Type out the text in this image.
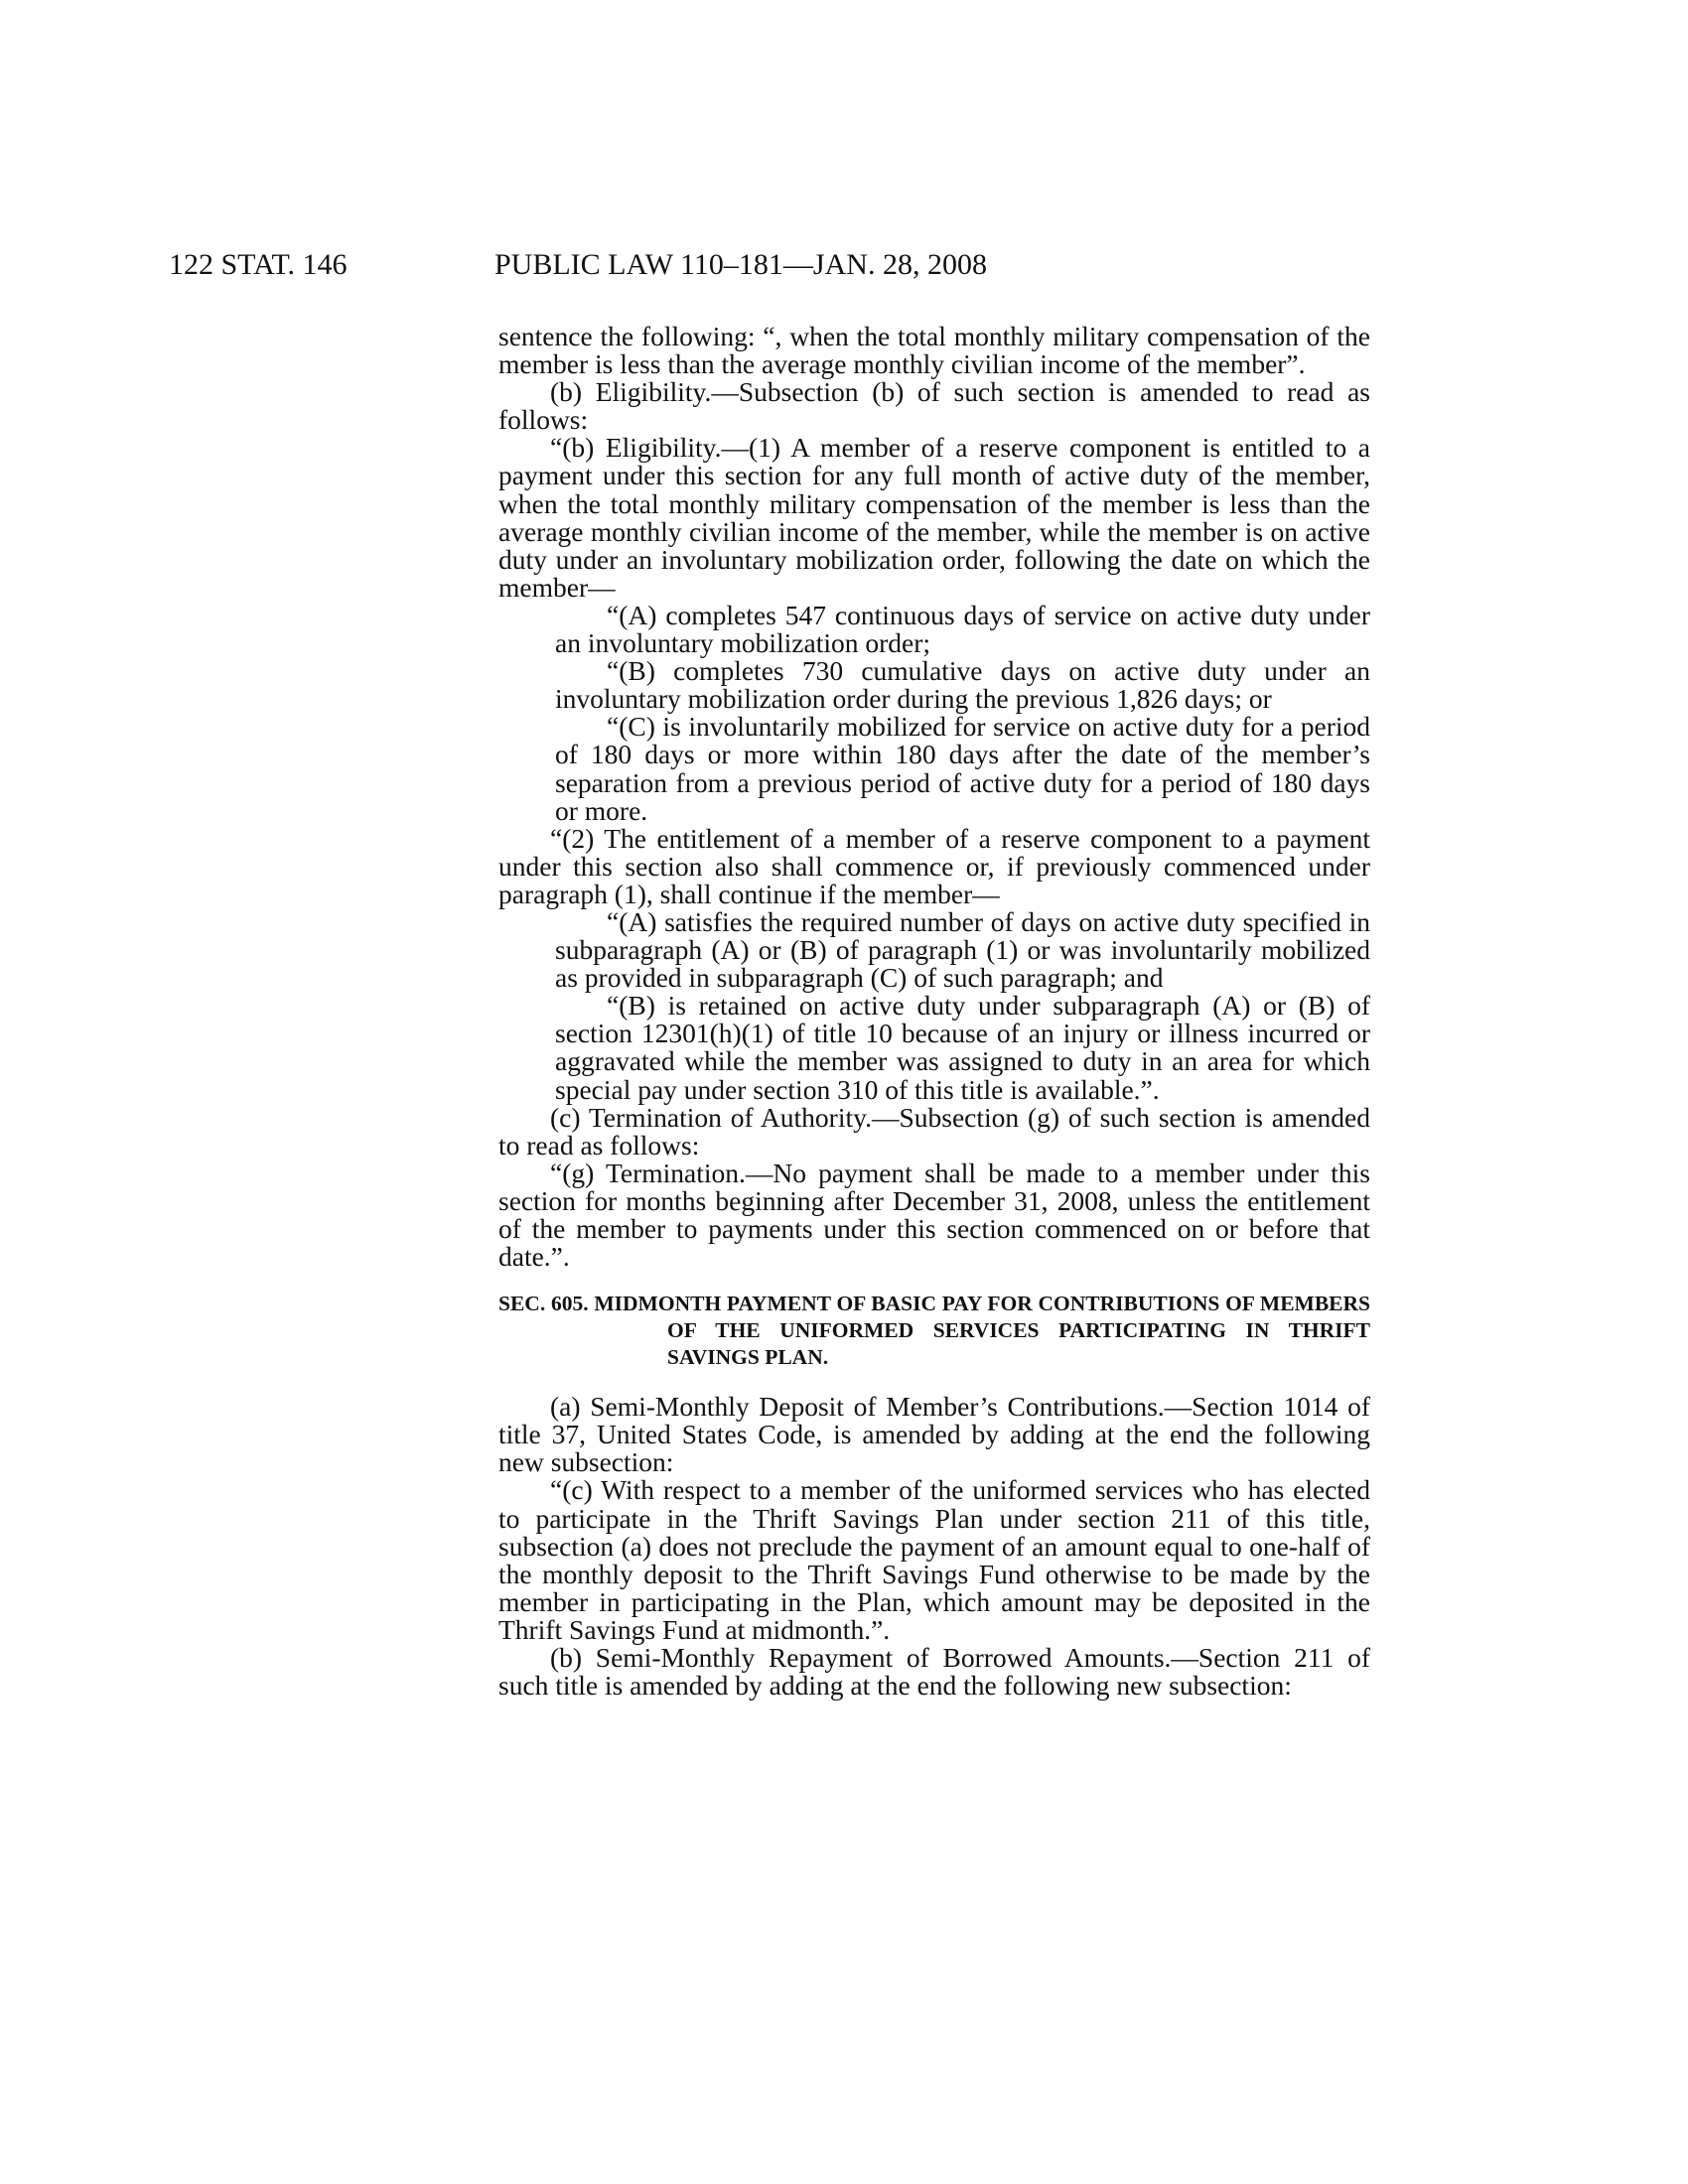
122 STAT. 146	PUBLIC LAW 110–181—JAN. 28, 2008

sentence the following: “, when the total monthly military compensation of the member is less than the average monthly civilian income of the member”.

(b) Eligibility.—Subsection (b) of such section is amended to read as follows:

“(b) Eligibility.—(1) A member of a reserve component is entitled to a payment under this section for any full month of active duty of the member, when the total monthly military compensation of the member is less than the average monthly civilian income of the member, while the member is on active duty under an involuntary mobilization order, following the date on which the member—

“(A) completes 547 continuous days of service on active duty under an involuntary mobilization order;

“(B) completes 730 cumulative days on active duty under an involuntary mobilization order during the previous 1,826 days; or

“(C) is involuntarily mobilized for service on active duty for a period of 180 days or more within 180 days after the date of the member’s separation from a previous period of active duty for a period of 180 days or more.

“(2) The entitlement of a member of a reserve component to a payment under this section also shall commence or, if previously commenced under paragraph (1), shall continue if the member—

“(A) satisfies the required number of days on active duty specified in subparagraph (A) or (B) of paragraph (1) or was involuntarily mobilized as provided in subparagraph (C) of such paragraph; and

“(B) is retained on active duty under subparagraph (A) or (B) of section 12301(h)(1) of title 10 because of an injury or illness incurred or aggravated while the member was assigned to duty in an area for which special pay under section 310 of this title is available.”.

(c) Termination of Authority.—Subsection (g) of such section is amended to read as follows:

“(g) Termination.—No payment shall be made to a member under this section for months beginning after December 31, 2008, unless the entitlement of the member to payments under this section commenced on or before that date.”.

SEC. 605. MIDMONTH PAYMENT OF BASIC PAY FOR CONTRIBUTIONS OF MEMBERS OF THE UNIFORMED SERVICES PARTICIPATING IN THRIFT SAVINGS PLAN.

(a) Semi-Monthly Deposit of Member’s Contributions.—Section 1014 of title 37, United States Code, is amended by adding at the end the following new subsection:

“(c) With respect to a member of the uniformed services who has elected to participate in the Thrift Savings Plan under section 211 of this title, subsection (a) does not preclude the payment of an amount equal to one-half of the monthly deposit to the Thrift Savings Fund otherwise to be made by the member in participating in the Plan, which amount may be deposited in the Thrift Savings Fund at midmonth.”.

(b) Semi-Monthly Repayment of Borrowed Amounts.—Section 211 of such title is amended by adding at the end the following new subsection:
